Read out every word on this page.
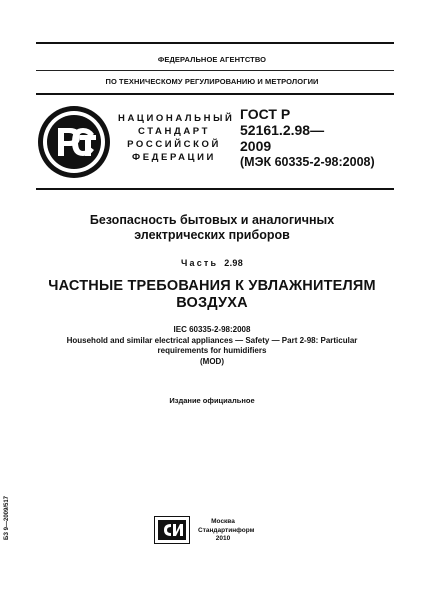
ФЕДЕРАЛЬНОЕ АГЕНТСТВО
ПО ТЕХНИЧЕСКОМУ РЕГУЛИРОВАНИЮ И МЕТРОЛОГИИ
НАЦИОНАЛЬНЫЙ
СТАНДАРТ
РОССИЙСКОЙ
ФЕДЕРАЦИИ
ГОСТ Р
52161.2.98—
2009
(МЭК 60335-2-98:2008)
Безопасность бытовых и аналогичных
электрических приборов
Часть 2.98
ЧАСТНЫЕ ТРЕБОВАНИЯ К УВЛАЖНИТЕЛЯМ
ВОЗДУХА
IEC 60335-2-98:2008
Household and similar electrical appliances — Safety — Part 2-98: Particular
requirements for humidifiers
(MOD)
Издание официальное
БЗ 9—2009/517	Москва
Стандартинформ
2010
